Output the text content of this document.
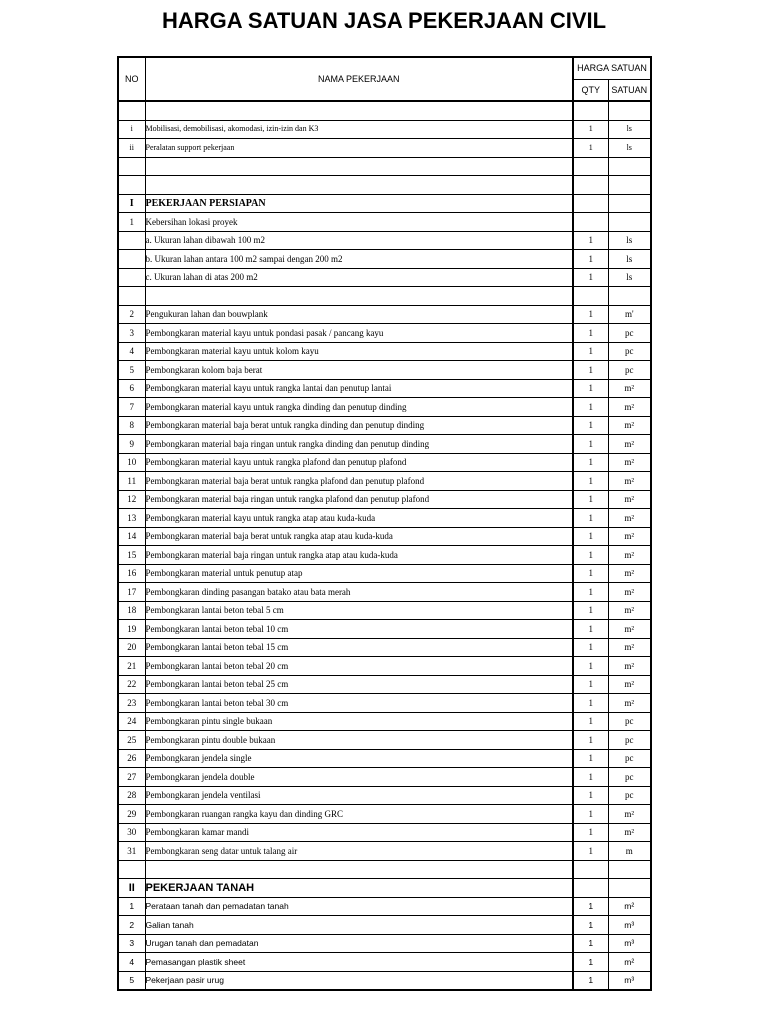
HARGA SATUAN JASA PEKERJAAN CIVIL
NO	NAMA PEKERJAAN	HARGA SATUAN	
		QTY	SATUAN

i	Mobilisasi, demobilisasi, akomodasi, izin-izin dan K3	1	ls
ii	Peralatan support pekerjaan	1	ls

I	PEKERJAAN PERSIAPAN		
1	Kebersihan lokasi proyek		
	a. Ukuran lahan dibawah 100 m2	1	ls
	b. Ukuran lahan antara 100 m2 sampai dengan 200 m2	1	ls
	c. Ukuran lahan di atas 200 m2	1	ls

2	Pengukuran lahan dan bouwplank	1	m'
3	Pembongkaran material kayu untuk pondasi pasak / pancang kayu	1	pc
4	Pembongkaran material kayu untuk kolom kayu	1	pc
5	Pembongkaran kolom baja berat	1	pc
6	Pembongkaran material kayu untuk rangka lantai dan penutup lantai	1	m²
7	Pembongkaran material kayu untuk rangka dinding dan penutup dinding	1	m²
8	Pembongkaran material baja berat untuk rangka dinding dan penutup dinding	1	m²
9	Pembongkaran material baja ringan untuk rangka dinding dan penutup dinding	1	m²
10	Pembongkaran material kayu untuk rangka plafond dan penutup plafond	1	m²
11	Pembongkaran material baja berat untuk rangka plafond dan penutup plafond	1	m²
12	Pembongkaran material baja ringan untuk rangka plafond dan penutup plafond	1	m²
13	Pembongkaran material kayu untuk rangka atap atau kuda-kuda	1	m²
14	Pembongkaran material baja berat untuk rangka atap atau kuda-kuda	1	m²
15	Pembongkaran material baja ringan untuk rangka atap atau kuda-kuda	1	m²
16	Pembongkaran material untuk penutup atap	1	m²
17	Pembongkaran dinding pasangan batako atau bata merah	1	m²
18	Pembongkaran lantai beton tebal 5 cm	1	m²
19	Pembongkaran lantai beton tebal 10 cm	1	m²
20	Pembongkaran lantai beton tebal 15 cm	1	m²
21	Pembongkaran lantai beton tebal 20 cm	1	m²
22	Pembongkaran lantai beton tebal 25 cm	1	m²
23	Pembongkaran lantai beton tebal 30 cm	1	m²
24	Pembongkaran pintu single bukaan	1	pc
25	Pembongkaran pintu double bukaan	1	pc
26	Pembongkaran jendela single	1	pc
27	Pembongkaran jendela double	1	pc
28	Pembongkaran jendela ventilasi	1	pc
29	Pembongkaran ruangan rangka kayu dan dinding GRC	1	m²
30	Pembongkaran kamar mandi	1	m²
31	Pembongkaran seng datar untuk talang air	1	m

II	PEKERJAAN TANAH		
1	Perataan tanah dan pemadatan tanah	1	m²
2	Galian tanah	1	m³
3	Urugan tanah dan pemadatan	1	m³
4	Pemasangan plastik sheet	1	m²
5	Pekerjaan pasir urug	1	m³
